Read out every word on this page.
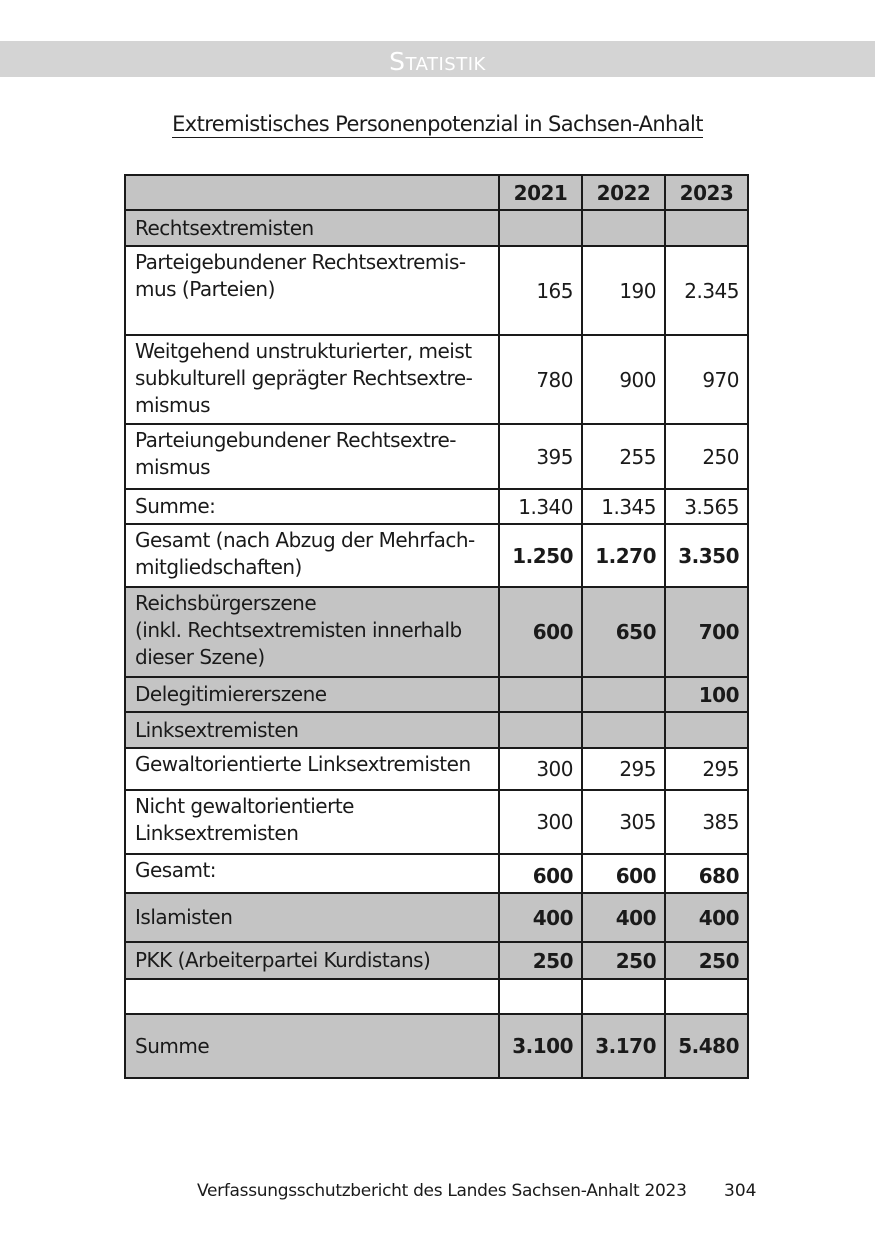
Statistik
Extremistisches Personenpotenzial in Sachsen-Anhalt
	2021	2022	2023
Rechtsextremisten			
Parteigebundener Rechtsextremis-
mus (Parteien)	165	190	2.345
Weitgehend unstrukturierter, meist
subkulturell geprägter Rechtsextre-
mismus	780	900	970
Parteiungebundener Rechtsextre-
mismus	395	255	250
Summe:	1.340	1.345	3.565
Gesamt (nach Abzug der Mehrfach-
mitgliedschaften)	1.250	1.270	3.350
Reichsbürgerszene
(inkl. Rechtsextremisten innerhalb
dieser Szene)	600	650	700
Delegitimiererszene			100
Linksextremisten			
Gewaltorientierte Linksextremisten	300	295	295
Nicht gewaltorientierte
Linksextremisten	300	305	385
Gesamt:	600	600	680
Islamisten	400	400	400
PKK (Arbeiterpartei Kurdistans)	250	250	250

Summe	3.100	3.170	5.480
Verfassungsschutzbericht des Landes Sachsen-Anhalt 2023 304
